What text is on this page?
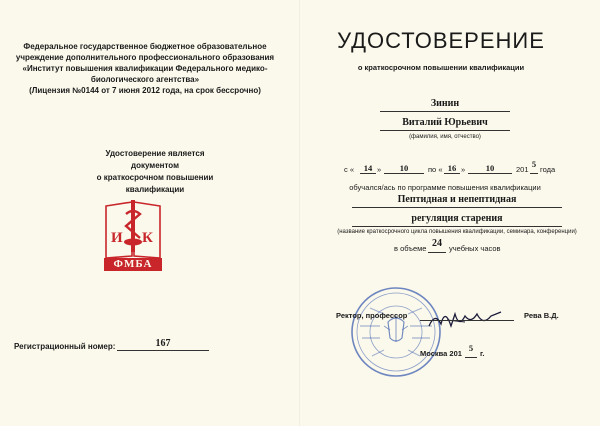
Федеральное государственное бюджетное образовательное
учреждение дополнительного профессионального образования
«Институт повышения квалификации Федерального медико-
биологического агентства»
(Лицензия №0144 от 7 июня 2012 года, на срок бессрочно)
Удостоверение является
документом
о краткосрочном повышении квалификации
И К
ФМБА
Регистрационный номер:	167
УДОСТОВЕРЕНИЕ
о краткосрочном повышении квалификации
Зинин
Виталий Юрьевич
(фамилия, имя, отчество)
с «	14 »	10	по « 16 »	10	201
5
года
обучался/ась по программе повышения квалификации
Пептидная и непептидная
регуляция старения
(название краткосрочного цикла повышения квалификации, семинара, конференции)
в объеме 24 учебных часов
Ректор, профессор	Рева В.Д.
Москва 201
5
г.
